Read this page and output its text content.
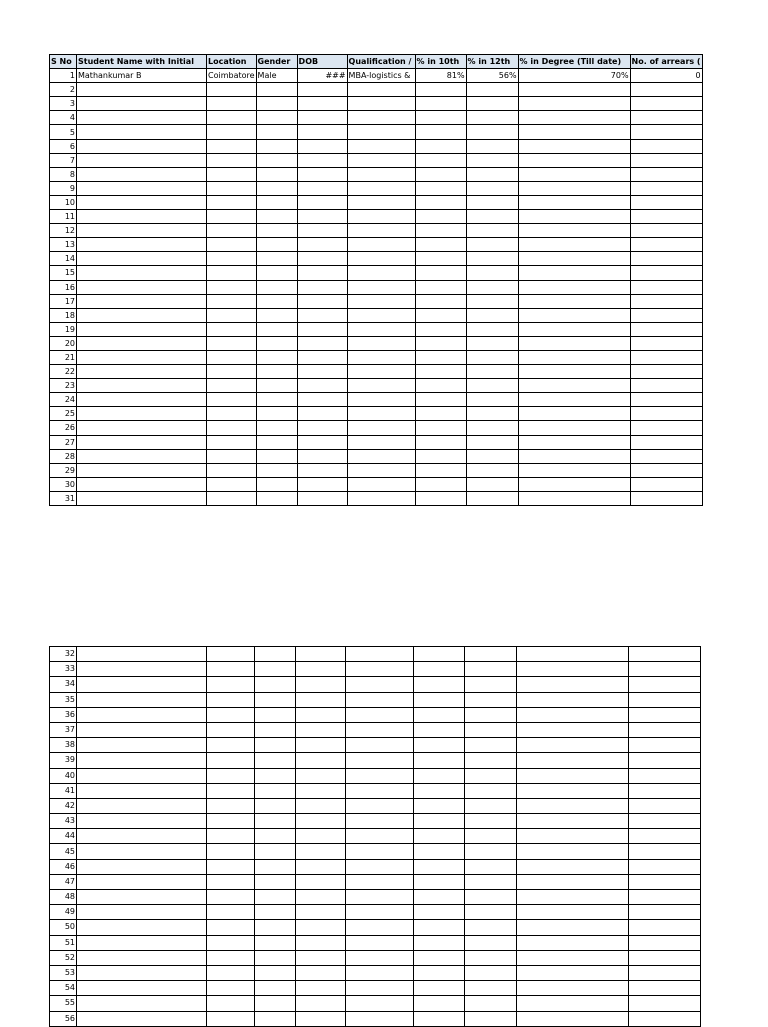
S No	Student Name with Initial	Location	Gender	DOB	Qualification /	% in 10th	% in 12th	% in Degree (Till date)	No. of arrears (
1	Mathankumar B	Coimbatore	Male	###	MBA-logistics &	81%	56%	70%	0
2									
3									
4									
5									
6									
7									
8									
9									
10									
11									
12									
13									
14									
15									
16									
17									
18									
19									
20									
21									
22									
23									
24									
25									
26									
27									
28									
29									
30									
31									
32									
33									
34									
35									
36									
37									
38									
39									
40									
41									
42									
43									
44									
45									
46									
47									
48									
49									
50									
51									
52									
53									
54									
55									
56									
